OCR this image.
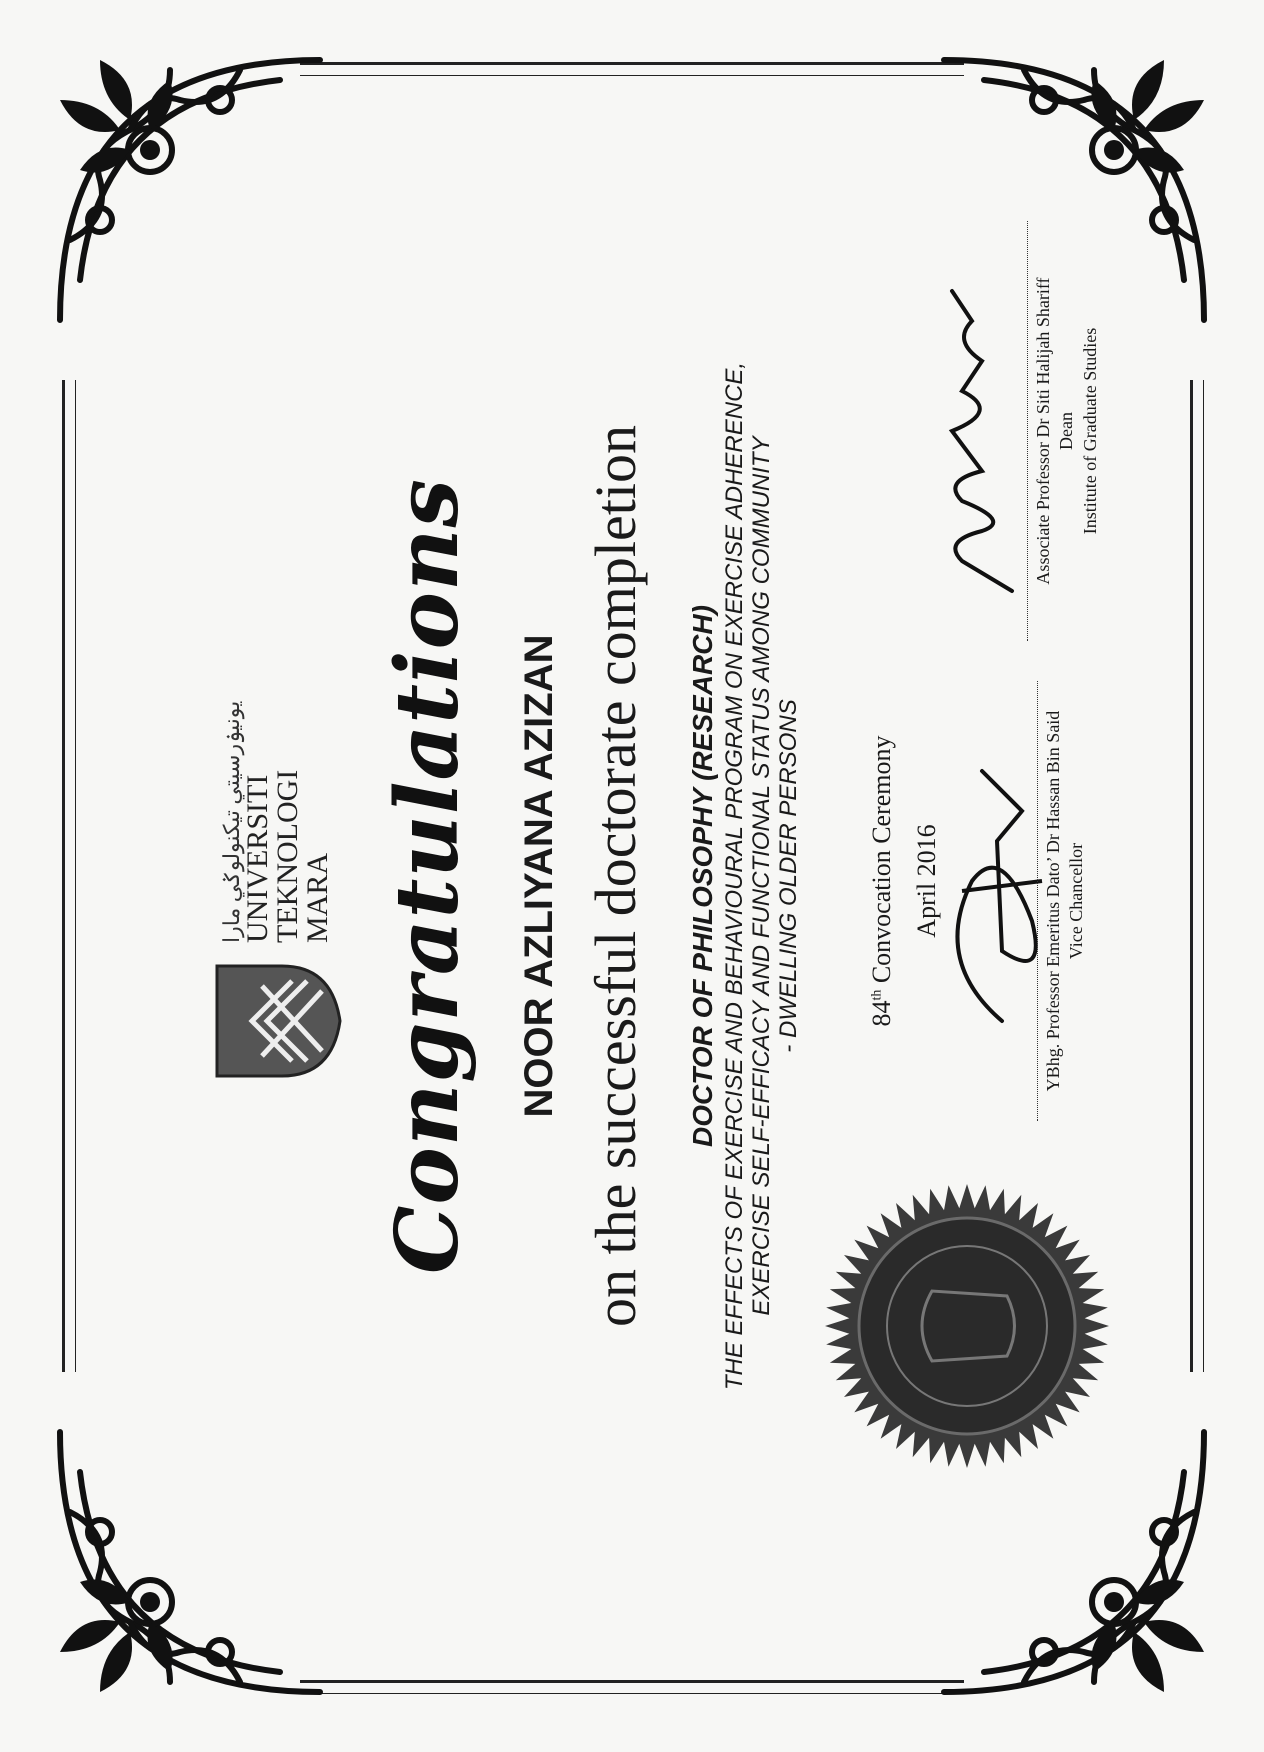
يونيۏرسيتي تيكنولوݢي مارا
UNIVERSITI
TEKNOLOGI
MARA Congratulations NOOR AZLIYANA AZIZAN on the successful doctorate completion DOCTOR OF PHILOSOPHY (RESEARCH) THE EFFECTS OF EXERCISE AND BEHAVIOURAL PROGRAM ON EXERCISE ADHERENCE, EXERCISE SELF-EFFICACY AND FUNCTIONAL STATUS AMONG COMMUNITY - DWELLING OLDER PERSONS	84th Convocation Ceremony April 2016	YBhg. Professor Emeritus Dato’ Dr Hassan Bin Said Vice Chancellor
Associate Professor Dr Siti Halijah Shariff Dean Institute of Graduate Studies
